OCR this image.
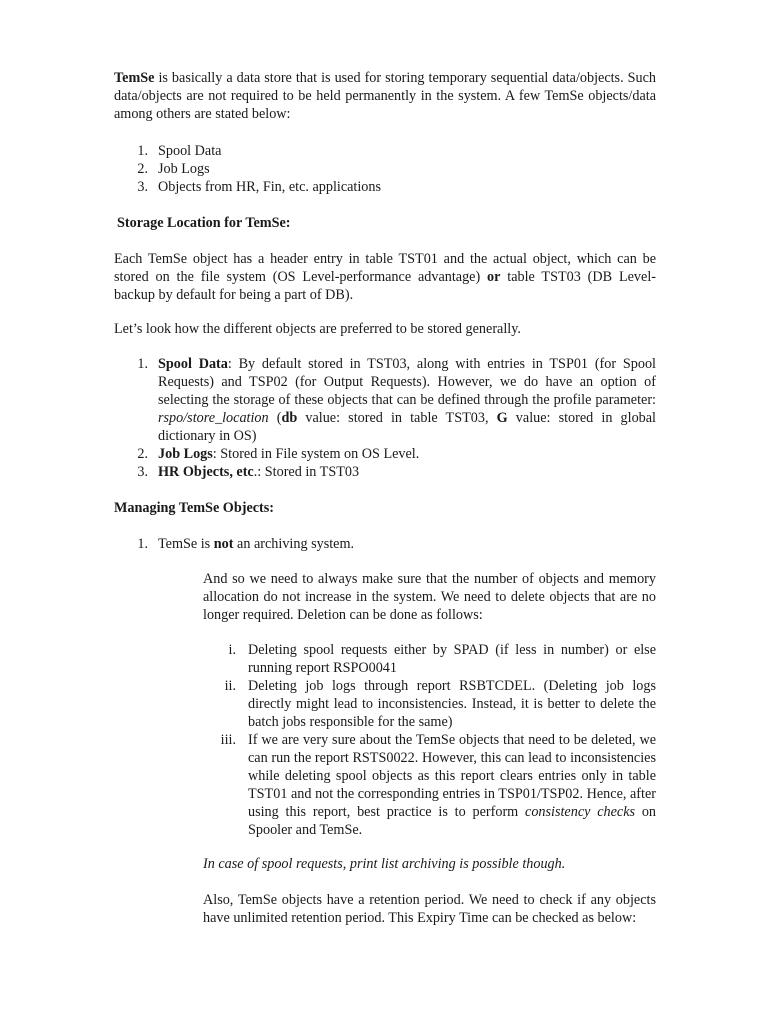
TemSe is basically a data store that is used for storing temporary sequential data/objects. Such data/objects are not required to be held permanently in the system. A few TemSe objects/data among others are stated below:

1. Spool Data
2. Job Logs
3. Objects from HR, Fin, etc. applications

Storage Location for TemSe:

Each TemSe object has a header entry in table TST01 and the actual object, which can be stored on the file system (OS Level-performance advantage) or table TST03 (DB Level-backup by default for being a part of DB).

Let’s look how the different objects are preferred to be stored generally.

1. Spool Data: By default stored in TST03, along with entries in TSP01 (for Spool Requests) and TSP02 (for Output Requests). However, we do have an option of selecting the storage of these objects that can be defined through the profile parameter: rspo/store_location (db value: stored in table TST03, G value: stored in global dictionary in OS)

2. Job Logs: Stored in File system on OS Level.
3. HR Objects, etc.: Stored in TST03

Managing TemSe Objects:

1. TemSe is not an archiving system.

And so we need to always make sure that the number of objects and memory allocation do not increase in the system. We need to delete objects that are no longer required. Deletion can be done as follows:

i. Deleting spool requests either by SPAD (if less in number) or else running report RSPO0041

ii. Deleting job logs through report RSBTCDEL. (Deleting job logs directly might lead to inconsistencies. Instead, it is better to delete the batch jobs responsible for the same)

iii. If we are very sure about the TemSe objects that need to be deleted, we can run the report RSTS0022. However, this can lead to inconsistencies while deleting spool objects as this report clears entries only in table TST01 and not the corresponding entries in TSP01/TSP02. Hence, after using this report, best practice is to perform consistency checks on Spooler and TemSe.

In case of spool requests, print list archiving is possible though.

Also, TemSe objects have a retention period. We need to check if any objects have unlimited retention period. This Expiry Time can be checked as below:
